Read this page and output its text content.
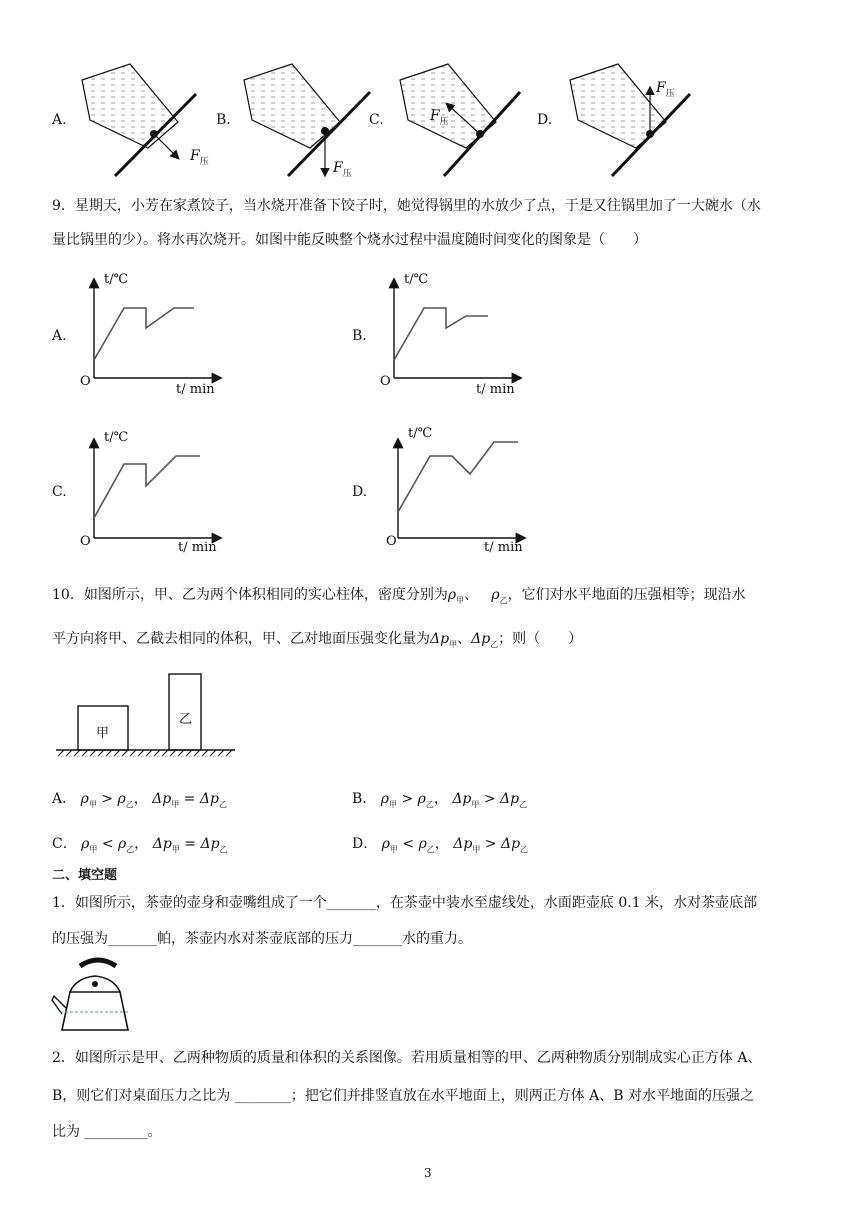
A.	B.	C.	D.
$F_压$	$F_压$
$F_压$
$F_压$
9．星期天，小芳在家煮饺子，当水烧开准备下饺子时，她觉得锅里的水放少了点，于是又往锅里加了一大碗水（水
量比锅里的少）。将水再次烧开。如图中能反映整个烧水过程中温度随时间变化的图象是（　　）
A.
t/℃
t/ min
O
B.
t/℃
t/ min
O
C.
t/℃
t/ min
O
D.
t/℃
t/ min
O
10．如图所示，甲、乙为两个体积相同的实心柱体，密度分别为$\rho_甲$、 $\rho_乙$，它们对水平地面的压强相等；现沿水
平方向将甲、乙截去相同的体积，甲、乙对地面压强变化量为$\Delta p_甲$、$\Delta p_乙$；则（　　）
甲
乙
A． $\rho_甲 > \rho_乙$， $\Delta p_甲 = \Delta p_乙$	B． $\rho_甲 > \rho_乙$， $\Delta p_甲 > \Delta p_乙$
C． $\rho_甲 < \rho_乙$， $\Delta p_甲 = \Delta p_乙$	D． $\rho_甲 < \rho_乙$， $\Delta p_甲 > \Delta p_乙$
二、填空题
1．如图所示，茶壶的壶身和壶嘴组成了一个_______，在茶壶中装水至虚线处，水面距壶底 0.1 米，水对茶壶底部
的压强为_______帕，茶壶内水对茶壶底部的压力_______水的重力。
2．如图所示是甲、乙两种物质的质量和体积的关系图像。若用质量相等的甲、乙两种物质分别制成实心正方体 A、
B，则它们对桌面压力之比为 ________；把它们并排竖直放在水平地面上，则两正方体 A、B 对水平地面的压强之
比为 _________。
3
